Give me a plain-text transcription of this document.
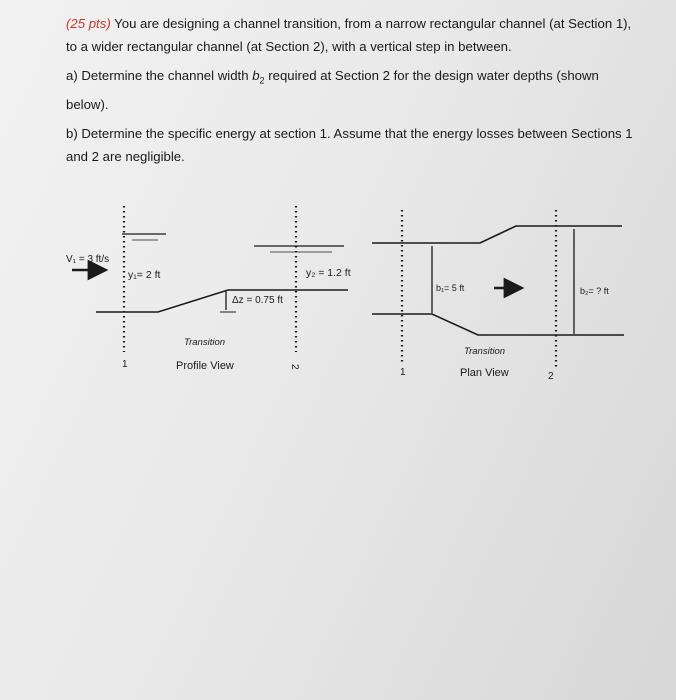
(25 pts) You are designing a channel transition, from a narrow rectangular channel (at Section 1),

to a wider rectangular channel (at Section 2), with a vertical step in between.

a) Determine the channel width $b_2$ required at Section 2 for the design water depths (shown

below).

b) Determine the specific energy at section 1. Assume that the energy losses between Sections 1

and 2 are negligible.

V₁ = 3 ft/s
y₁= 2 ft	y₂ = 1.2 ft
Δz = 0.75 ft
Transition
Profile View
1	2
b₁= 5 ft	b₂= ? ft
Transition
Plan View
1	2
